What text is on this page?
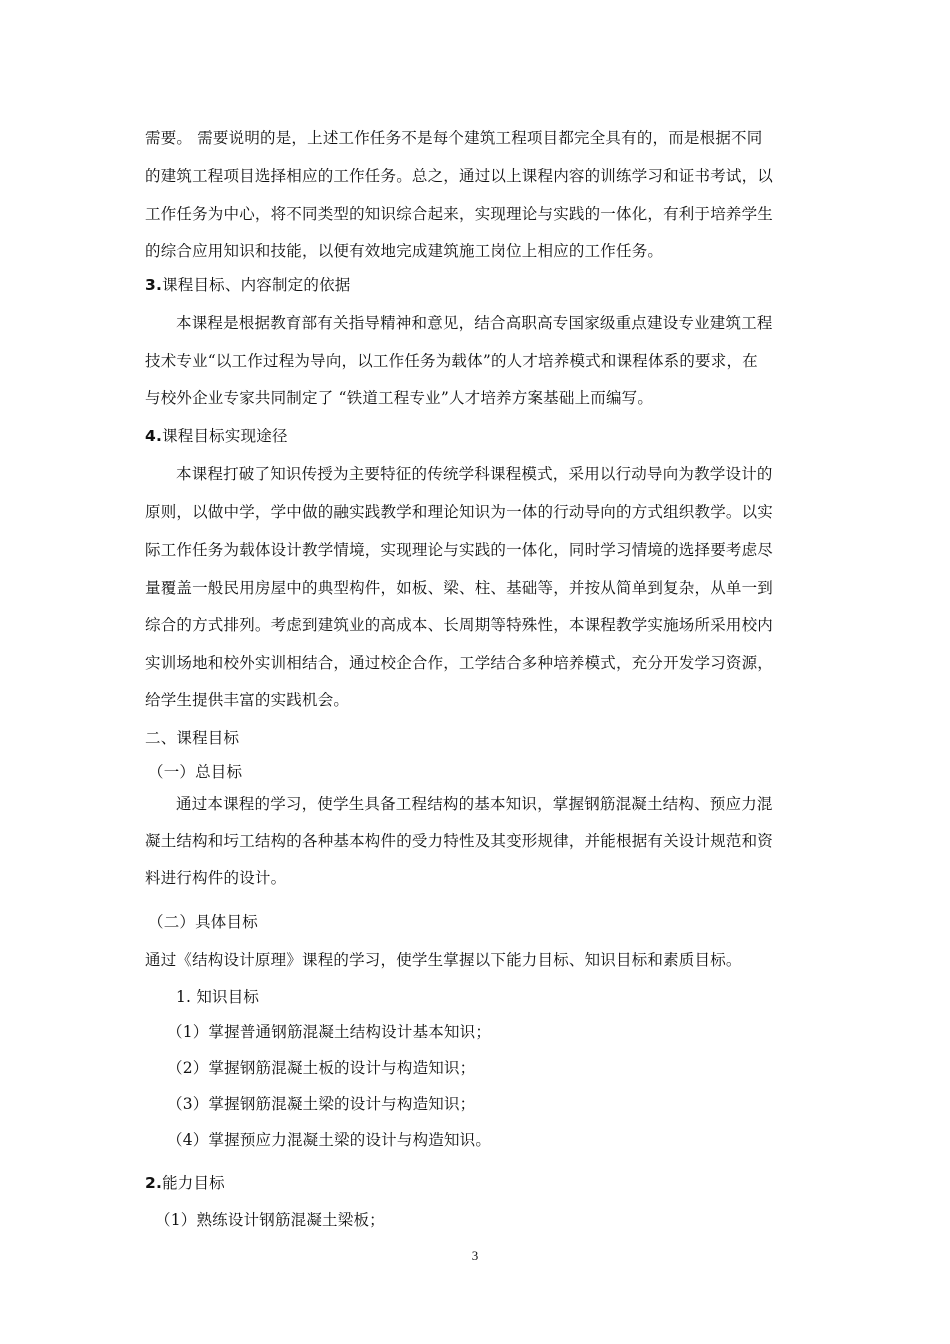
需要。 需要说明的是，上述工作任务不是每个建筑工程项目都完全具有的，而是根据不同
的建筑工程项目选择相应的工作任务。总之，通过以上课程内容的训练学习和证书考试，以
工作任务为中心，将不同类型的知识综合起来，实现理论与实践的一体化，有利于培养学生
的综合应用知识和技能，以便有效地完成建筑施工岗位上相应的工作任务。
3.课程目标、内容制定的依据
本课程是根据教育部有关指导精神和意见，结合高职高专国家级重点建设专业建筑工程
技术专业“以工作过程为导向，以工作任务为载体”的人才培养模式和课程体系的要求，在
与校外企业专家共同制定了 “铁道工程专业”人才培养方案基础上而编写。
4.课程目标实现途径
本课程打破了知识传授为主要特征的传统学科课程模式，采用以行动导向为教学设计的
原则，以做中学，学中做的融实践教学和理论知识为一体的行动导向的方式组织教学。以实
际工作任务为载体设计教学情境，实现理论与实践的一体化，同时学习情境的选择要考虑尽
量覆盖一般民用房屋中的典型构件，如板、梁、柱、基础等，并按从简单到复杂，从单一到
综合的方式排列。考虑到建筑业的高成本、长周期等特殊性，本课程教学实施场所采用校内
实训场地和校外实训相结合，通过校企合作，工学结合多种培养模式，充分开发学习资源，
给学生提供丰富的实践机会。
二、课程目标
（一）总目标
通过本课程的学习，使学生具备工程结构的基本知识，掌握钢筋混凝土结构、预应力混
凝土结构和圬工结构的各种基本构件的受力特性及其变形规律，并能根据有关设计规范和资
料进行构件的设计。
（二）具体目标
通过《结构设计原理》课程的学习，使学生掌握以下能力目标、知识目标和素质目标。
1. 知识目标
（1）掌握普通钢筋混凝土结构设计基本知识；
（2）掌握钢筋混凝土板的设计与构造知识；
（3）掌握钢筋混凝土梁的设计与构造知识；
（4）掌握预应力混凝土梁的设计与构造知识。
2.能力目标
（1）熟练设计钢筋混凝土梁板；
3
